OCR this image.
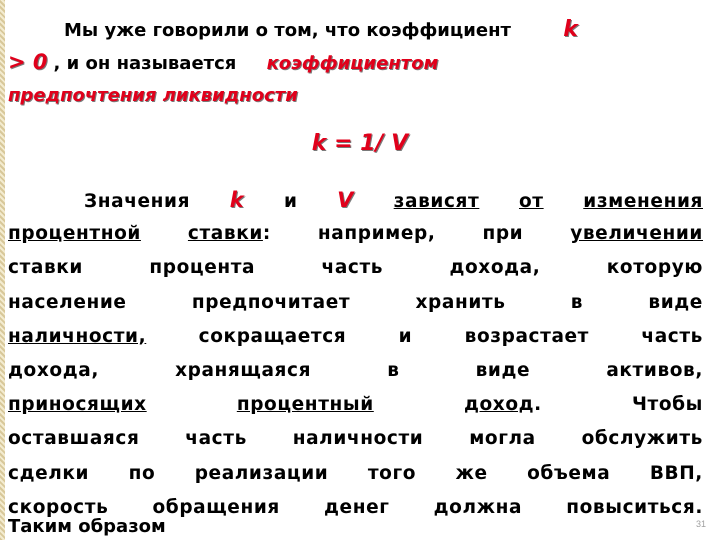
Мы уже говорили о том, что коэффициент k
> 0 , и он называется коэффициентом
предпочтения ликвидности
k = 1/ V
Значения k и V зависят от изменения
процентной	ставки:	например,	при	увеличении
ставки	процента	часть	дохода,	которую
население	предпочитает	хранить	в	виде
наличности,	сокращается	и	возрастает	часть
дохода,	хранящаяся	в	виде	активов,
приносящих	процентный	доход.	Чтобы
оставшаяся часть наличности могла обслужить
сделки по реализации того же объема ВВП,
скорость обращения денег должна повыситься.
Таким образом	31
